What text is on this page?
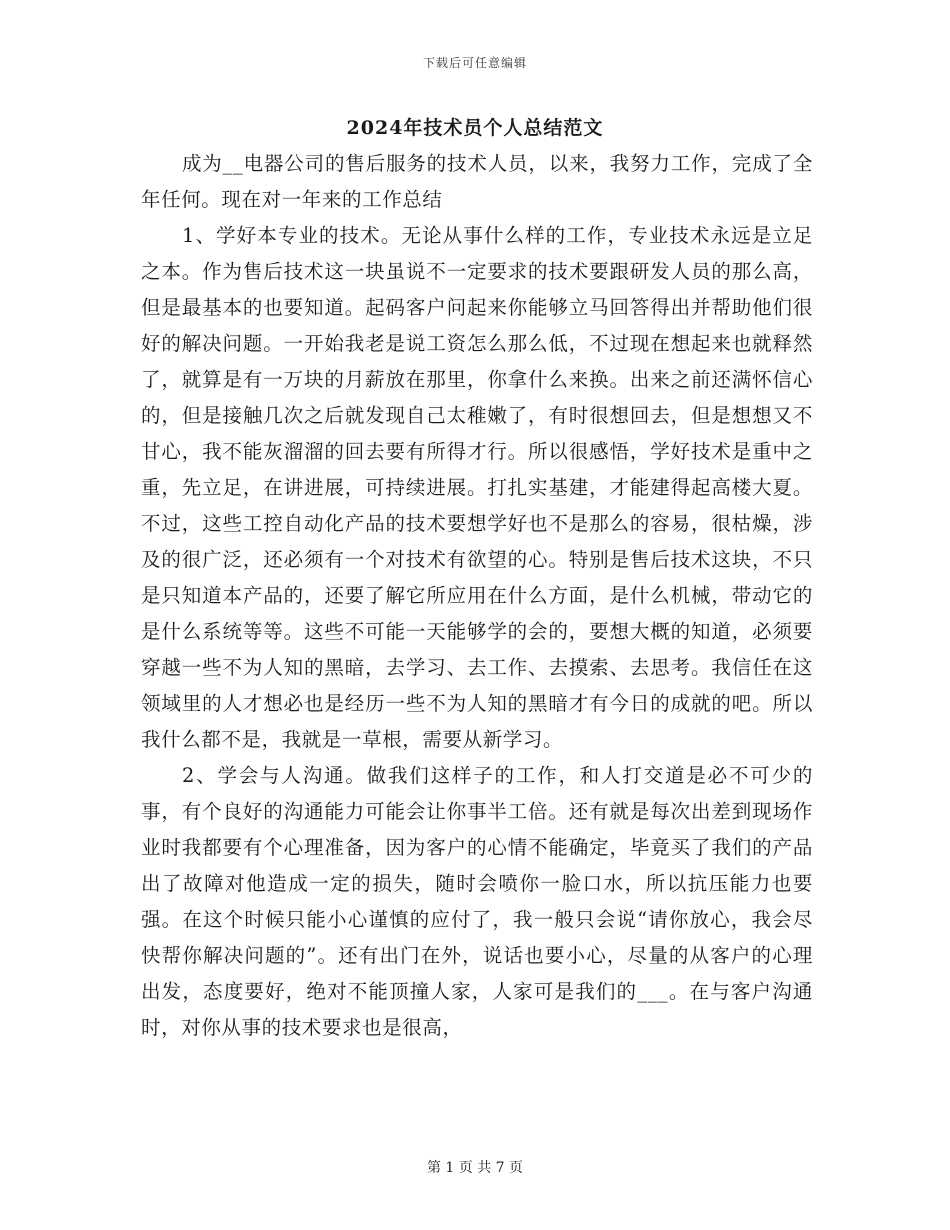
下载后可任意编辑
2024年技术员个人总结范文

成为__电器公司的售后服务的技术人员，以来，我努力工作，完成了全年任何。现在对一年来的工作总结

1、学好本专业的技术。无论从事什么样的工作，专业技术永远是立足之本。作为售后技术这一块虽说不一定要求的技术要跟研发人员的那么高，但是最基本的也要知道。起码客户问起来你能够立马回答得出并帮助他们很好的解决问题。一开始我老是说工资怎么那么低，不过现在想起来也就释然了，就算是有一万块的月薪放在那里，你拿什么来换。出来之前还满怀信心的，但是接触几次之后就发现自己太稚嫩了，有时很想回去，但是想想又不甘心，我不能灰溜溜的回去要有所得才行。所以很感悟，学好技术是重中之重，先立足，在讲进展，可持续进展。打扎实基建，才能建得起高楼大夏。不过，这些工控自动化产品的技术要想学好也不是那么的容易，很枯燥，涉及的很广泛，还必须有一个对技术有欲望的心。特别是售后技术这块，不只是只知道本产品的，还要了解它所应用在什么方面，是什么机械，带动它的是什么系统等等。这些不可能一天能够学的会的，要想大概的知道，必须要穿越一些不为人知的黑暗，去学习、去工作、去摸索、去思考。我信任在这领域里的人才想必也是经历一些不为人知的黑暗才有今日的成就的吧。所以我什么都不是，我就是一草根，需要从新学习。

2、学会与人沟通。做我们这样子的工作，和人打交道是必不可少的事，有个良好的沟通能力可能会让你事半工倍。还有就是每次出差到现场作业时我都要有个心理准备，因为客户的心情不能确定，毕竟买了我们的产品出了故障对他造成一定的损失，随时会喷你一脸口水，所以抗压能力也要强。在这个时候只能小心谨慎的应付了，我一般只会说“请你放心，我会尽快帮你解决问题的”。还有出门在外，说话也要小心，尽量的从客户的心理出发，态度要好，绝对不能顶撞人家，人家可是我们的___。在与客户沟通时，对你从事的技术要求也是很高，

第 1 页 共 7 页
